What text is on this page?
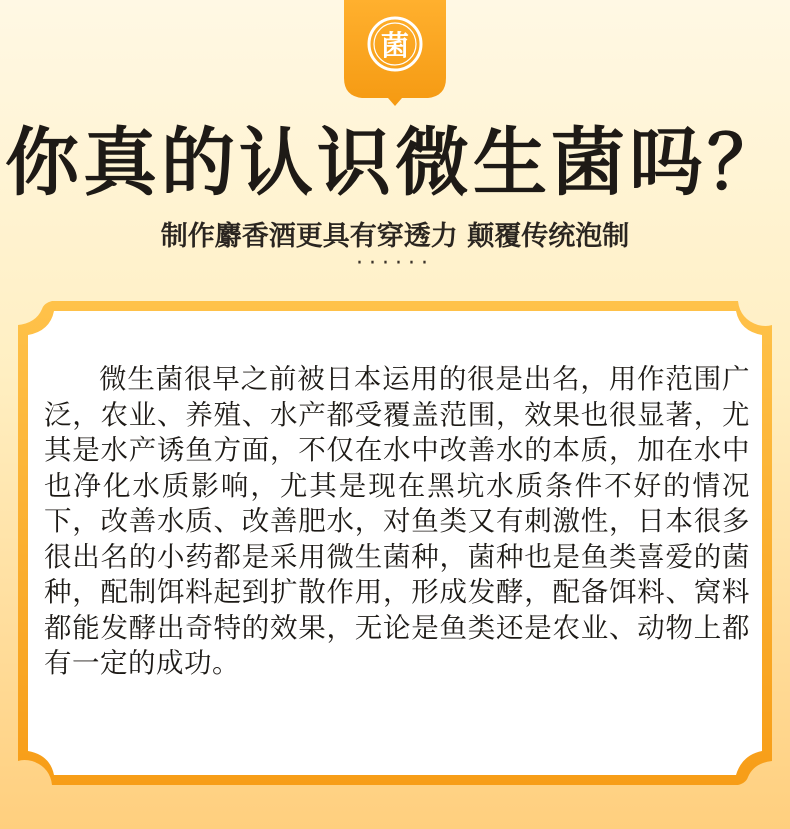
菌
你真的认识微生菌吗？
制作麝香酒更具有穿透力 颠覆传统泡制
······
微生菌很早之前被日本运用的很是出名，用作范围广泛，农业、养殖、水产都受覆盖范围，效果也很显著，尤其是水产诱鱼方面，不仅在水中改善水的本质，加在水中也净化水质影响，尤其是现在黑坑水质条件不好的情况下，改善水质、改善肥水，对鱼类又有刺激性，日本很多很出名的小药都是采用微生菌种，菌种也是鱼类喜爱的菌种，配制饵料起到扩散作用，形成发酵，配备饵料、窝料都能发酵出奇特的效果，无论是鱼类还是农业、动物上都有一定的成功。
